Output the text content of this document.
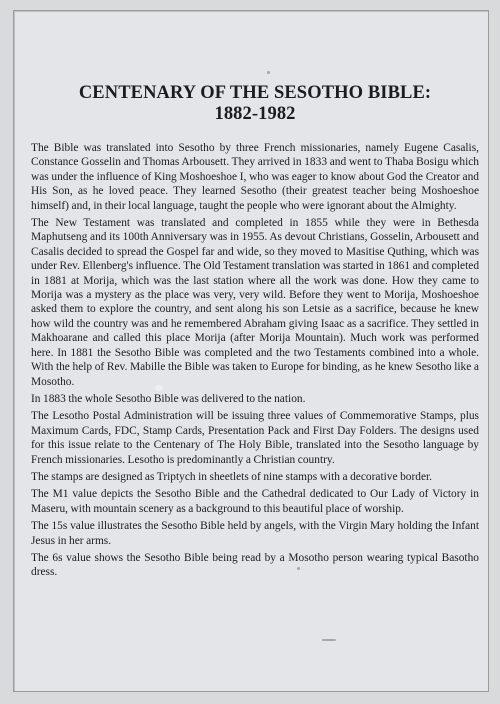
CENTENARY OF THE SESOTHO BIBLE:
1882-1982

The Bible was translated into Sesotho by three French missionaries, namely Eugene Casalis, Constance Gosselin and Thomas Arbousett. They arrived in 1833 and went to Thaba Bosigu which was under the influence of King Moshoeshoe I, who was eager to know about God the Creator and His Son, as he loved peace. They learned Sesotho (their greatest teacher being Moshoeshoe himself) and, in their local language, taught the people who were ignorant about the Almighty.

The New Testament was translated and completed in 1855 while they were in Bethesda Maphutseng and its 100th Anniversary was in 1955. As devout Christians, Gosselin, Arbousett and Casalis decided to spread the Gospel far and wide, so they moved to Masitise Quthing, which was under Rev. Ellenberg's influence. The Old Testament translation was started in 1861 and completed in 1881 at Morija, which was the last station where all the work was done. How they came to Morija was a mystery as the place was very, very wild. Before they went to Morija, Moshoeshoe asked them to explore the country, and sent along his son Letsie as a sacrifice, because he knew how wild the country was and he remembered Abraham giving Isaac as a sacrifice. They settled in Makhoarane and called this place Morija (after Morija Mountain). Much work was performed here. In 1881 the Sesotho Bible was completed and the two Testaments combined into a whole. With the help of Rev. Mabille the Bible was taken to Europe for binding, as he knew Sesotho like a Mosotho.

In 1883 the whole Sesotho Bible was delivered to the nation.

The Lesotho Postal Administration will be issuing three values of Commemorative Stamps, plus Maximum Cards, FDC, Stamp Cards, Presentation Pack and First Day Folders. The designs used for this issue relate to the Centenary of The Holy Bible, translated into the Sesotho language by French missionaries. Lesotho is predominantly a Christian country.

The stamps are designed as Triptych in sheetlets of nine stamps with a decorative border.

The M1 value depicts the Sesotho Bible and the Cathedral dedicated to Our Lady of Victory in Maseru, with mountain scenery as a background to this beautiful place of worship.

The 15s value illustrates the Sesotho Bible held by angels, with the Virgin Mary holding the Infant Jesus in her arms.

The 6s value shows the Sesotho Bible being read by a Mosotho person wearing typical Basotho dress.
